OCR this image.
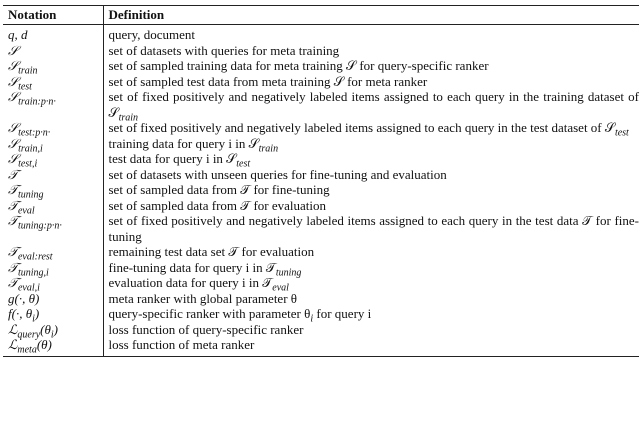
Notation	Definition
q, d	query, document
𝒮	set of datasets with queries for meta training
𝒮$_{train}$	set of sampled training data for meta training 𝒮 for query-specific ranker
𝒮$_{test}$	set of sampled test data from meta training 𝒮 for meta ranker
𝒮$_{train:p\cdot n\cdot}$	set of fixed positively and negatively labeled items assigned to each query in the training dataset of 𝒮$_{train}$
𝒮$_{test:p\cdot n\cdot}$	set of fixed positively and negatively labeled items assigned to each query in the test dataset of 𝒮$_{test}$
𝒮$_{train,i}$	training data for query i in 𝒮$_{train}$
𝒮$_{test,i}$	test data for query i in 𝒮$_{test}$
𝒯	set of datasets with unseen queries for fine-tuning and evaluation
𝒯$_{tuning}$	set of sampled data from 𝒯 for fine-tuning
𝒯$_{eval}$	set of sampled data from 𝒯 for evaluation
𝒯$_{tuning:p\cdot n\cdot}$	set of fixed positively and negatively labeled items assigned to each query in the test data 𝒯 for fine-tuning
𝒯$_{eval:rest}$	remaining test data set 𝒯 for evaluation
𝒯$_{tuning,i}$	fine-tuning data for query i in 𝒯$_{tuning}$
𝒯$_{eval,i}$	evaluation data for query i in 𝒯$_{eval}$
g(·, θ)	meta ranker with global parameter θ
f(·, $\theta_i$)	query-specific ranker with parameter $\theta_i$ for query i
$ℒ_{query}(\theta_i)$	loss function of query-specific ranker
ℒ$_{meta}$(θ)	loss function of meta ranker
